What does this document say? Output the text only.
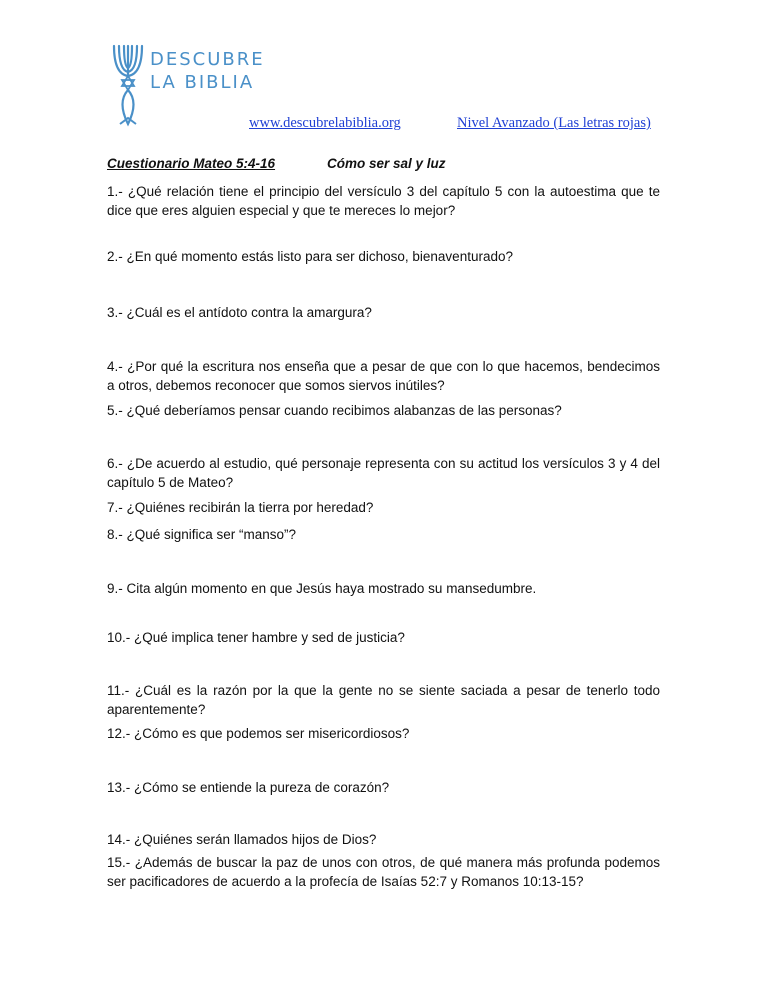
DESCUBRE
LA BIBLIA
www.descubrelabiblia.org	Nivel Avanzado (Las letras rojas)
Cuestionario Mateo 5:4-16	Cómo ser sal y luz
1.- ¿Qué relación tiene el principio del versículo 3 del capítulo 5 con la autoestima que te dice que eres alguien especial y que te mereces lo mejor?
2.- ¿En qué momento estás listo para ser dichoso, bienaventurado?
3.- ¿Cuál es el antídoto contra la amargura?
4.- ¿Por qué la escritura nos enseña que a pesar de que con lo que hacemos, bendecimos a otros, debemos reconocer que somos siervos inútiles?
5.- ¿Qué deberíamos pensar cuando recibimos alabanzas de las personas?
6.- ¿De acuerdo al estudio, qué personaje representa con su actitud los versículos 3 y 4 del capítulo 5 de Mateo?
7.- ¿Quiénes recibirán la tierra por heredad?
8.- ¿Qué significa ser “manso”?
9.- Cita algún momento en que Jesús haya mostrado su mansedumbre.
10.- ¿Qué implica tener hambre y sed de justicia?
11.- ¿Cuál es la razón por la que la gente no se siente saciada a pesar de tenerlo todo aparentemente?
12.- ¿Cómo es que podemos ser misericordiosos?
13.- ¿Cómo se entiende la pureza de corazón?
14.- ¿Quiénes serán llamados hijos de Dios?
15.- ¿Además de buscar la paz de unos con otros, de qué manera más profunda podemos ser pacificadores de acuerdo a la profecía de Isaías 52:7 y Romanos 10:13-15?
